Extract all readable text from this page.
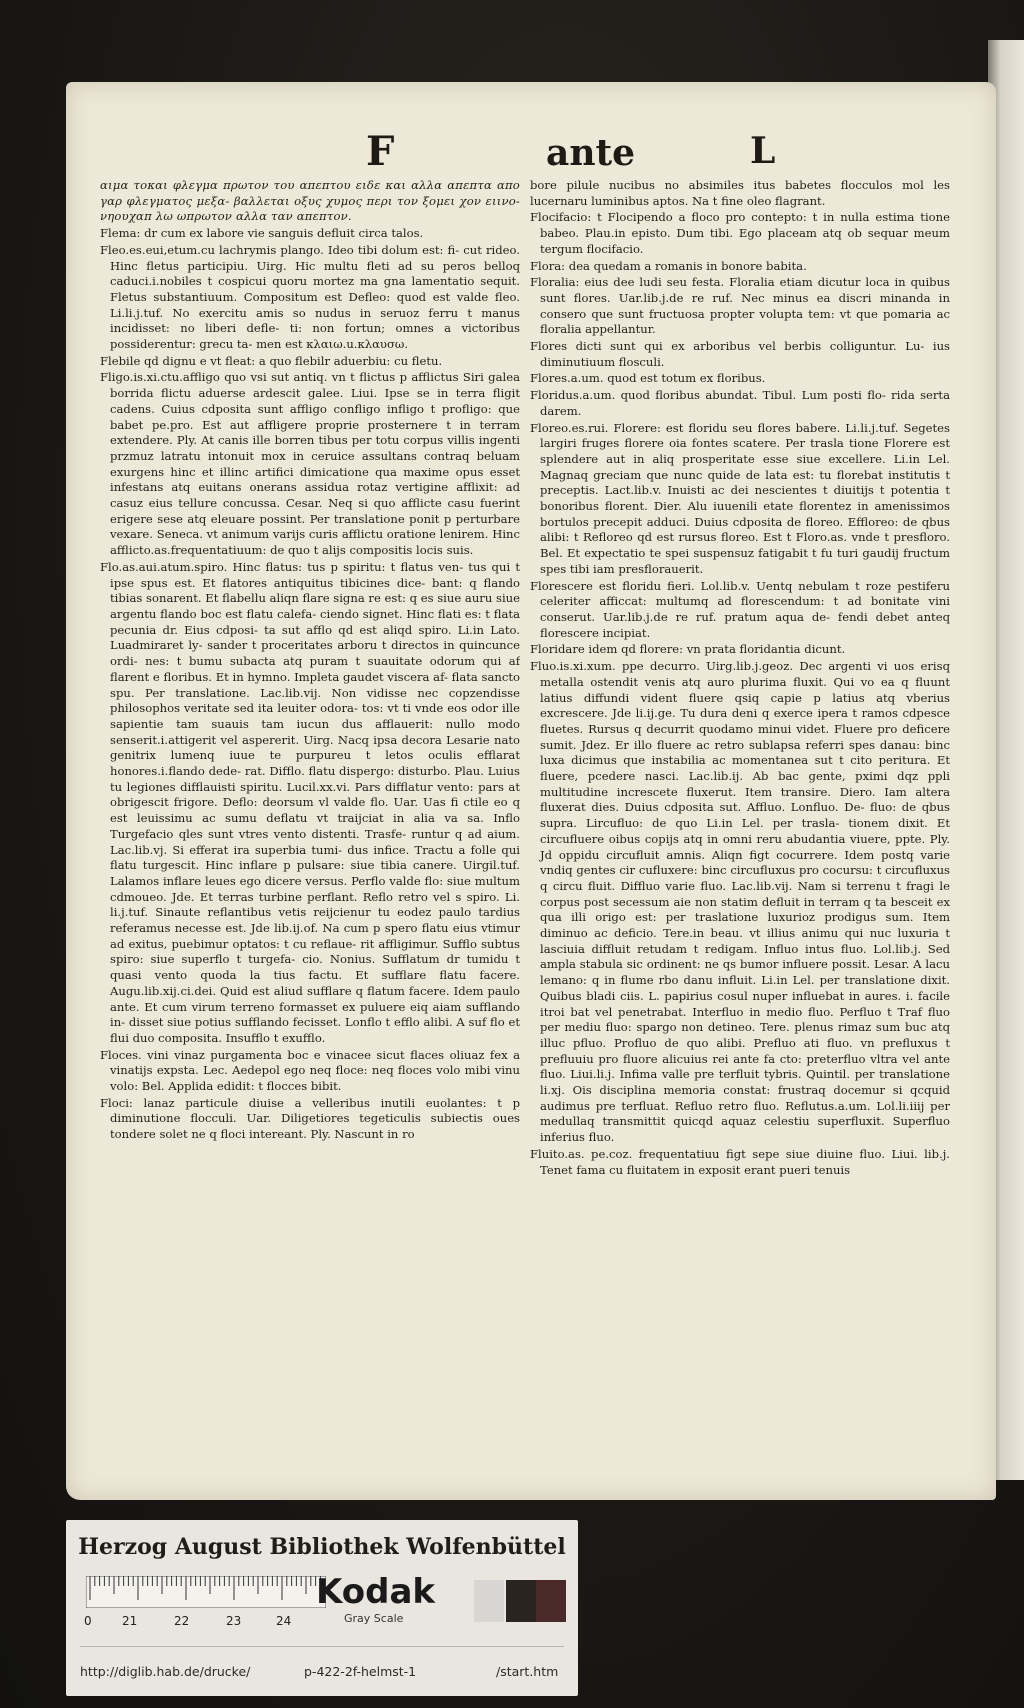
F	ante	L

αιμα τοκαι φλεγμα πρωτον του απεπτου ειδε και αλλα απεπτα απο γαρ φλεγματος μεξα- βαλλεται οξυς χυμος περι τον ξομει χον ειινο- νηουχαπ λω ωπρωτον αλλα ταν απεπτον.

Flema: dr cum ex labore vie sanguis defluit circa talos.

Fleo.es.eui,etum.cu lachrymis plango. Ideo tibi dolum est: fi- cut rideo. Hinc fletus participiu. Uirg. Hic multu fleti ad su peros belloq caduci.i.nobiles t cospicui quoru mortez ma gna lamentatio sequit. Fletus substantiuum. Compositum est Defleo: quod est valde fleo. Li.li.j.tuf. No exercitu amis so nudus in seruoz ferru t manus incidisset: no liberi defle- ti: non fortun; omnes a victoribus possiderentur: grecu ta- men est κλαιω.u.κλαυσω.

Flebile qd dignu e vt fleat: a quo flebilr aduerbiu: cu fletu.

Fligo.is.xi.ctu.affligo quo vsi sut antiq. vn t flictus p afflictus Siri galea borrida flictu aduerse ardescit galee. Liui. Ipse se in terra fligit cadens. Cuius cdposita sunt affligo confligo infligo t profligo: que babet pe.pro. Est aut affligere proprie prosternere t in terram extendere. Ply. At canis ille borren tibus per totu corpus villis ingenti przmuz latratu intonuit mox in ceruice assultans contraq beluam exurgens hinc et illinc artifici dimicatione qua maxime opus esset infestans atq euitans onerans assidua rotaz vertigine afflixit: ad casuz eius tellure concussa. Cesar. Neq si quo afflicte casu fuerint erigere sese atq eleuare possint. Per translatione ponit p perturbare vexare. Seneca. vt animum varijs curis afflictu oratione lenirem. Hinc afflicto.as.frequentatiuum: de quo t alijs compositis locis suis.

Flo.as.aui.atum.spiro. Hinc flatus: tus p spiritu: t flatus ven- tus qui t ipse spus est. Et flatores antiquitus tibicines dice- bant: q flando tibias sonarent. Et flabellu aliqn flare signa re est: q es siue auru siue argentu flando boc est flatu calefa- ciendo signet. Hinc flati es: t flata pecunia dr. Eius cdposi- ta sut afflo qd est aliqd spiro. Li.in Lato. Luadmiraret ly- sander t proceritates arboru t directos in quincunce ordi- nes: t bumu subacta atq puram t suauitate odorum qui af flarent e floribus. Et in hymno. Impleta gaudet viscera af- flata sancto spu. Per translatione. Lac.lib.vij. Non vidisse nec copzendisse philosophos veritate sed ita leuiter odora- tos: vt ti vnde eos odor ille sapientie tam suauis tam iucun dus afflauerit: nullo modo senserit.i.attigerit vel aspererit. Uirg. Nacq ipsa decora Lesarie nato genitrix lumenq iuue te purpureu t letos oculis efflarat honores.i.flando dede- rat. Difflo. flatu dispergo: disturbo. Plau. Luius tu legiones difflauisti spiritu. Lucil.xx.vi. Pars difflatur vento: pars at obrigescit frigore. Deflo: deorsum vl valde flo. Uar. Uas fi ctile eo q est leuissimu ac sumu deflatu vt traijciat in alia va sa. Inflo Turgefacio qles sunt vtres vento distenti. Trasfe- runtur q ad aium. Lac.lib.vj. Si efferat ira superbia tumi- dus infice. Tractu a folle qui flatu turgescit. Hinc inflare p pulsare: siue tibia canere. Uirgil.tuf. Lalamos inflare leues ego dicere versus. Perflo valde flo: siue multum cdmoueo. Jde. Et terras turbine perflant. Reflo retro vel s spiro. Li. li.j.tuf. Sinaute reflantibus vetis reijcienur tu eodez paulo tardius referamus necesse est. Jde lib.ij.of. Na cum p spero flatu eius vtimur ad exitus, puebimur optatos: t cu reflaue- rit affligimur. Sufflo subtus spiro: siue superflo t turgefa- cio. Nonius. Sufflatum dr tumidu t quasi vento quoda la tius factu. Et sufflare flatu facere. Augu.lib.xij.ci.dei. Quid est aliud sufflare q flatum facere. Idem paulo ante. Et cum virum terreno formasset ex puluere eiq aiam sufflando in- disset siue potius sufflando fecisset. Lonflo t efflo alibi. A suf flo et flui duo composita. Insufflo t exufflo.

Floces. vini vinaz purgamenta boc e vinacee sicut flaces oliuaz fex a vinatijs expsta. Lec. Aedepol ego neq floce: neq floces volo mibi vinu volo: Bel. Applida edidit: t flocces bibit.

Floci: lanaz particule diuise a velleribus inutili euolantes: t p diminutione flocculi. Uar. Diligetiores tegeticulis subiectis oues tondere solet ne q floci intereant. Ply. Nascunt in ro

bore pilule nucibus no absimiles itus babetes flocculos mol les lucernaru luminibus aptos. Na t fine oleo flagrant.

Flocifacio: t Flocipendo a floco pro contepto: t in nulla estima tione babeo. Plau.in episto. Dum tibi. Ego placeam atq ob sequar meum tergum flocifacio.

Flora: dea quedam a romanis in bonore babita.

Floralia: eius dee ludi seu festa. Floralia etiam dicutur loca in quibus sunt flores. Uar.lib.j.de re ruf. Nec minus ea discri minanda in consero que sunt fructuosa propter volupta tem: vt que pomaria ac floralia appellantur.

Flores dicti sunt qui ex arboribus vel berbis colliguntur. Lu- ius diminutiuum flosculi.

Flores.a.um. quod est totum ex floribus.

Floridus.a.um. quod floribus abundat. Tibul. Lum posti flo- rida serta darem.

Floreo.es.rui. Florere: est floridu seu flores babere. Li.li.j.tuf. Segetes largiri fruges florere oia fontes scatere. Per trasla tione Florere est splendere aut in aliq prosperitate esse siue excellere. Li.in Lel. Magnaq greciam que nunc quide de lata est: tu florebat institutis t preceptis. Lact.lib.v. Inuisti ac dei nescientes t diuitijs t potentia t bonoribus florent. Dier. Alu iuuenili etate florentez in amenissimos bortulos precepit adduci. Duius cdposita de floreo. Effloreo: de qbus alibi: t Refloreo qd est rursus floreo. Est t Floro.as. vnde t presfloro. Bel. Et expectatio te spei suspensuz fatigabit t fu turi gaudij fructum spes tibi iam presflorauerit.

Florescere est floridu fieri. Lol.lib.v. Uentq nebulam t roze pestiferu celeriter afficcat: multumq ad florescendum: t ad bonitate vini conserut. Uar.lib.j.de re ruf. pratum aqua de- fendi debet anteq florescere incipiat.

Floridare idem qd florere: vn prata floridantia dicunt.

Fluo.is.xi.xum. ppe decurro. Uirg.lib.j.geoz. Dec argenti vi uos erisq metalla ostendit venis atq auro plurima fluxit. Qui vo ea q fluunt latius diffundi vident fluere qsiq capie p latius atq vberius excrescere. Jde li.ij.ge. Tu dura deni q exerce ipera t ramos cdpesce fluetes. Rursus q decurrit quodamo minui videt. Fluere pro deficere sumit. Jdez. Er illo fluere ac retro sublapsa referri spes danau: binc luxa dicimus que instabilia ac momentanea sut t cito peritura. Et fluere, pcedere nasci. Lac.lib.ij. Ab bac gente, pximi dqz ppli multitudine increscete fluxerut. Item transire. Diero. Iam altera fluxerat dies. Duius cdposita sut. Affluo. Lonfluo. De- fluo: de qbus supra. Lircufluo: de quo Li.in Lel. per trasla- tionem dixit. Et circufluere oibus copijs atq in omni reru abudantia viuere, ppte. Ply. Jd oppidu circufluit amnis. Aliqn figt cocurrere. Idem postq varie vndiq gentes cir cufluxere: binc circufluxus pro cocursu: t circufluxus q circu fluit. Diffluo varie fluo. Lac.lib.vij. Nam si terrenu t fragi le corpus post secessum aie non statim defluit in terram q ta besceit ex qua illi origo est: per traslatione luxurioz prodigus sum. Item diminuo ac deficio. Tere.in beau. vt illius animu qui nuc luxuria t lasciuia diffluit retudam t redigam. Influo intus fluo. Lol.lib.j. Sed ampla stabula sic ordinent: ne qs bumor influere possit. Lesar. A lacu lemano: q in flume rbo danu influit. Li.in Lel. per translatione dixit. Quibus bladi ciis. L. papirius cosul nuper influebat in aures. i. facile itroi bat vel penetrabat. Interfluo in medio fluo. Perfluo t Traf fluo per mediu fluo: spargo non detineo. Tere. plenus rimaz sum buc atq illuc pfluo. Profluo de quo alibi. Prefluo ati fluo. vn prefluxus t prefluuiu pro fluore alicuius rei ante fa cto: preterfluo vltra vel ante fluo. Liui.li.j. Infima valle pre terfluit tybris. Quintil. per translatione li.xj. Ois disciplina memoria constat: frustraq docemur si qcquid audimus pre terfluat. Refluo retro fluo. Reflutus.a.um. Lol.li.iiij per medullaq transmittit quicqd aquaz celestiu superfluxit. Superfluo inferius fluo.

Fluito.as. pe.coz. frequentatiuu figt sepe siue diuine fluo. Liui. lib.j. Tenet fama cu fluitatem in exposit erant pueri tenuis

Herzog August Bibliothek Wolfenbüttel
0	21	22	23	24
Kodak
Gray Scale
http://diglib.hab.de/drucke/	p-422-2f-helmst-1	/start.htm
